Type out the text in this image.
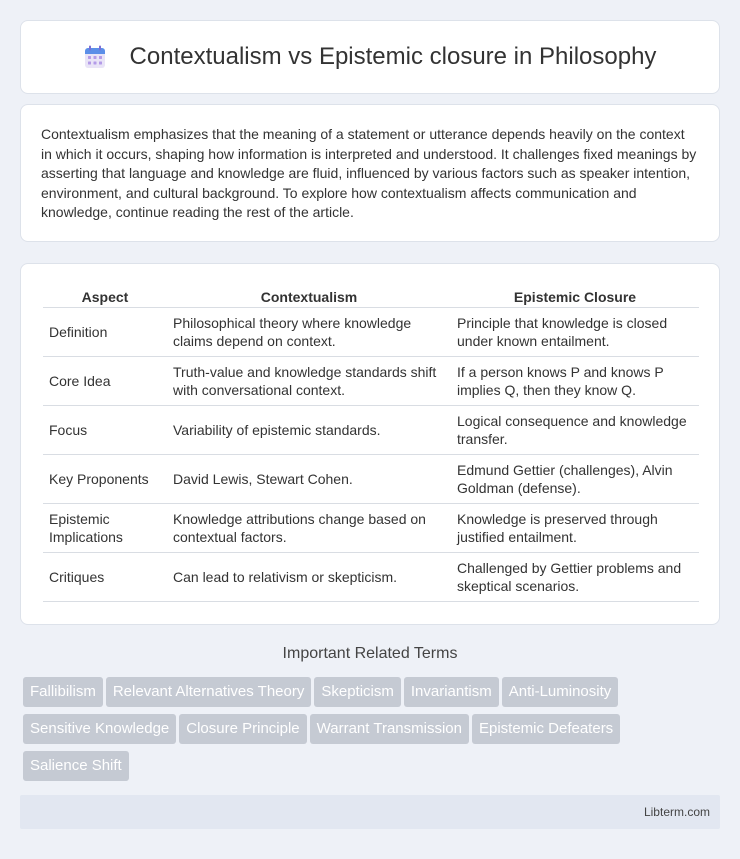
Contextualism vs Epistemic closure in Philosophy

Contextualism emphasizes that the meaning of a statement or utterance depends heavily on the context in which it occurs, shaping how information is interpreted and understood. It challenges fixed meanings by asserting that language and knowledge are fluid, influenced by various factors such as speaker intention, environment, and cultural background. To explore how contextualism affects communication and knowledge, continue reading the rest of the article.

Aspect	Contextualism	Epistemic Closure
Definition	Philosophical theory where knowledge claims depend on context.	Principle that knowledge is closed under known entailment.
Core Idea	Truth-value and knowledge standards shift with conversational context.	If a person knows P and knows P implies Q, then they know Q.
Focus	Variability of epistemic standards.	Logical consequence and knowledge transfer.
Key Proponents	David Lewis, Stewart Cohen.	Edmund Gettier (challenges), Alvin Goldman (defense).
Epistemic Implications	Knowledge attributions change based on contextual factors.	Knowledge is preserved through justified entailment.
Critiques	Can lead to relativism or skepticism.	Challenged by Gettier problems and skeptical scenarios.
Important Related Terms
Fallibilism	Relevant Alternatives Theory	Skepticism	Invariantism	Anti-Luminosity
Sensitive Knowledge	Closure Principle	Warrant Transmission	Epistemic Defeaters
Salience Shift
Libterm.com
